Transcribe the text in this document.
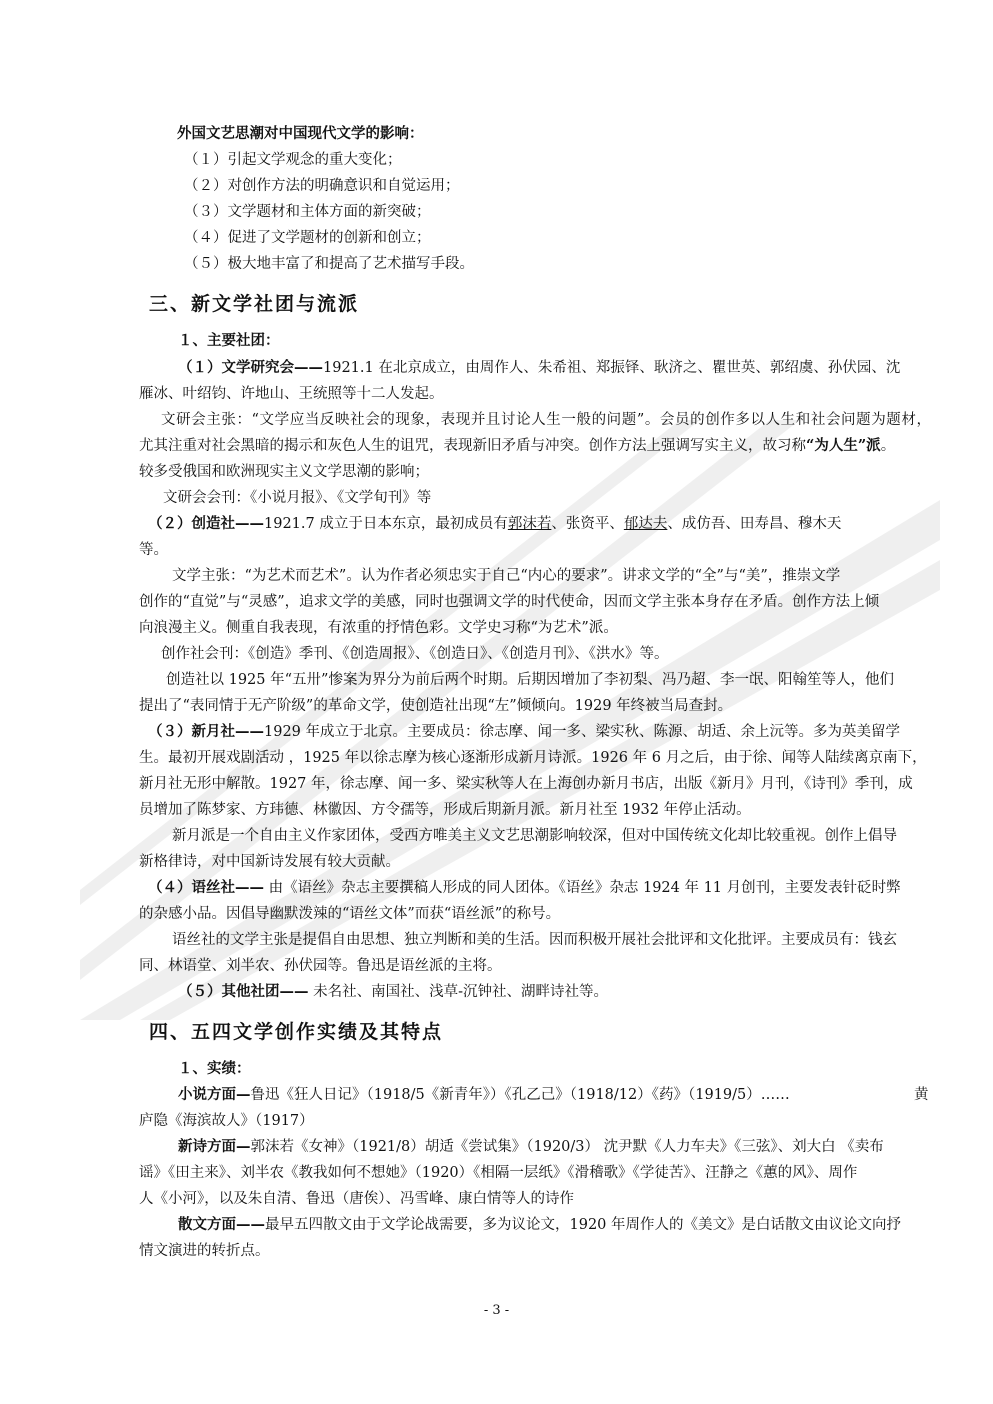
外国文艺思潮对中国现代文学的影响：
（１）引起文学观念的重大变化；
（２）对创作方法的明确意识和自觉运用；
（３）文学题材和主体方面的新突破；
（４）促进了文学题材的创新和创立；
（５）极大地丰富了和提高了艺术描写手段。
三、新文学社团与流派
１、主要社团：
（１）文学研究会——1921.1 在北京成立，由周作人、朱希祖、郑振铎、耿济之、瞿世英、郭绍虞、孙伏园、沈
雁冰、叶绍钧、许地山、王统照等十二人发起。
文研会主张：“文学应当反映社会的现象，表现并且讨论人生一般的问题”。会员的创作多以人生和社会问题为题材，
尤其注重对社会黑暗的揭示和灰色人生的诅咒，表现新旧矛盾与冲突。创作方法上强调写实主义，故习称“为人生”派。
较多受俄国和欧洲现实主义文学思潮的影响；
文研会会刊：《小说月报》、《文学旬刊》等
（２）创造社——1921.7 成立于日本东京，最初成员有郭沫若、张资平、郁达夫、成仿吾、田寿昌、穆木天
等。
文学主张：“为艺术而艺术”。认为作者必须忠实于自己“内心的要求”。讲求文学的“全”与“美”，推崇文学
创作的“直觉”与“灵感”，追求文学的美感，同时也强调文学的时代使命，因而文学主张本身存在矛盾。创作方法上倾
向浪漫主义。侧重自我表现，有浓重的抒情色彩。文学史习称“为艺术”派。
创作社会刊：《创造》季刊、《创造周报》、《创造日》、《创造月刊》、《洪水》等。
创造社以 1925 年“五卅”惨案为界分为前后两个时期。后期因增加了李初梨、冯乃超、李一氓、阳翰笙等人，他们
提出了“表同情于无产阶级”的革命文学，使创造社出现“左”倾倾向。1929 年终被当局查封。
（３）新月社——1929 年成立于北京。主要成员：徐志摩、闻一多、梁实秋、陈源、胡适、余上沅等。多为英美留学
生。最初开展戏剧活动 ，1925 年以徐志摩为核心逐渐形成新月诗派。1926 年 6 月之后，由于徐、闻等人陆续离京南下，
新月社无形中解散。1927 年，徐志摩、闻一多、梁实秋等人在上海创办新月书店，出版《新月》月刊，《诗刊》季刊，成
员增加了陈梦家、方玮德、林徽因、方令孺等，形成后期新月派。新月社至 1932 年停止活动。
新月派是一个自由主义作家团体，受西方唯美主义文艺思潮影响较深，但对中国传统文化却比较重视。创作上倡导
新格律诗，对中国新诗发展有较大贡献。
（４）语丝社—— 由《语丝》杂志主要撰稿人形成的同人团体。《语丝》杂志 1924 年 11 月创刊，主要发表针砭时弊
的杂感小品。因倡导幽默泼辣的“语丝文体”而获“语丝派”的称号。
语丝社的文学主张是提倡自由思想、独立判断和美的生活。因而积极开展社会批评和文化批评。主要成员有：钱玄
同、林语堂、刘半农、孙伏园等。鲁迅是语丝派的主将。
（５）其他社团—— 未名社、南国社、浅草-沉钟社、湖畔诗社等。
四、五四文学创作实绩及其特点
１、实绩：
小说方面—鲁迅《狂人日记》（1918/5《新青年》）《孔乙己》（1918/12）《药》（1919/5）……	黄
庐隐《海滨故人》（1917）
新诗方面—郭沫若《女神》（1921/8）胡适《尝试集》（1920/3） 沈尹默《人力车夫》《三弦》、刘大白 《卖布
谣》《田主来》、刘半农《教我如何不想她》（1920）《相隔一层纸》《滑稽歌》《学徒苦》、汪静之《蕙的风》、周作
人《小河》，以及朱自清、鲁迅（唐俟）、冯雪峰、康白情等人的诗作
散文方面——最早五四散文由于文学论战需要，多为议论文，1920 年周作人的《美文》是白话散文由议论文向抒
情文演进的转折点。
- 3 -
